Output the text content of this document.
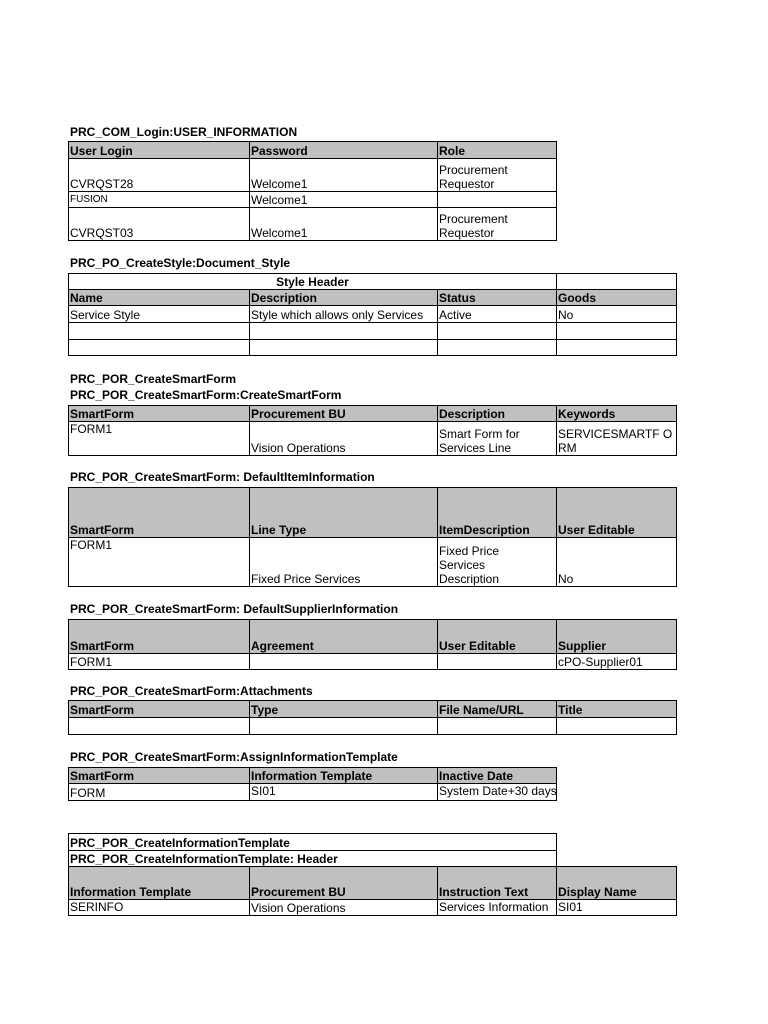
PRC_COM_Login:USER_INFORMATION
User Login	Password	Role
CVRQST28	Welcome1	Procurement Requestor
FUSION	Welcome1	
CVRQST03	Welcome1	Procurement Requestor
PRC_PO_CreateStyle:Document_Style
Style Header			
Name	Description	Status	Goods
Service Style	Style which allows only Services	Active	No

PRC_POR_CreateSmartForm
PRC_POR_CreateSmartForm:CreateSmartForm
SmartForm	Procurement BU	Description	Keywords
FORM1	Vision Operations	Smart Form for Services Line	SERVICESMARTF ORM
PRC_POR_CreateSmartForm: DefaultItemInformation
SmartForm	Line Type	ItemDescription	User Editable
FORM1	Fixed Price Services	Fixed Price Services Description	No
PRC_POR_CreateSmartForm: DefaultSupplierInformation
SmartForm	Agreement	User Editable	Supplier
FORM1			cPO-Supplier01
PRC_POR_CreateSmartForm:Attachments
SmartForm	Type	File Name/URL	Title

PRC_POR_CreateSmartForm:AssignInformationTemplate
SmartForm	Information Template	Inactive Date
FORM	SI01	System Date+30 days
PRC_POR_CreateInformationTemplate			
PRC_POR_CreateInformationTemplate: Header			
Information Template	Procurement BU	Instruction Text	Display Name
SERINFO	Vision Operations	Services Information	SI01
